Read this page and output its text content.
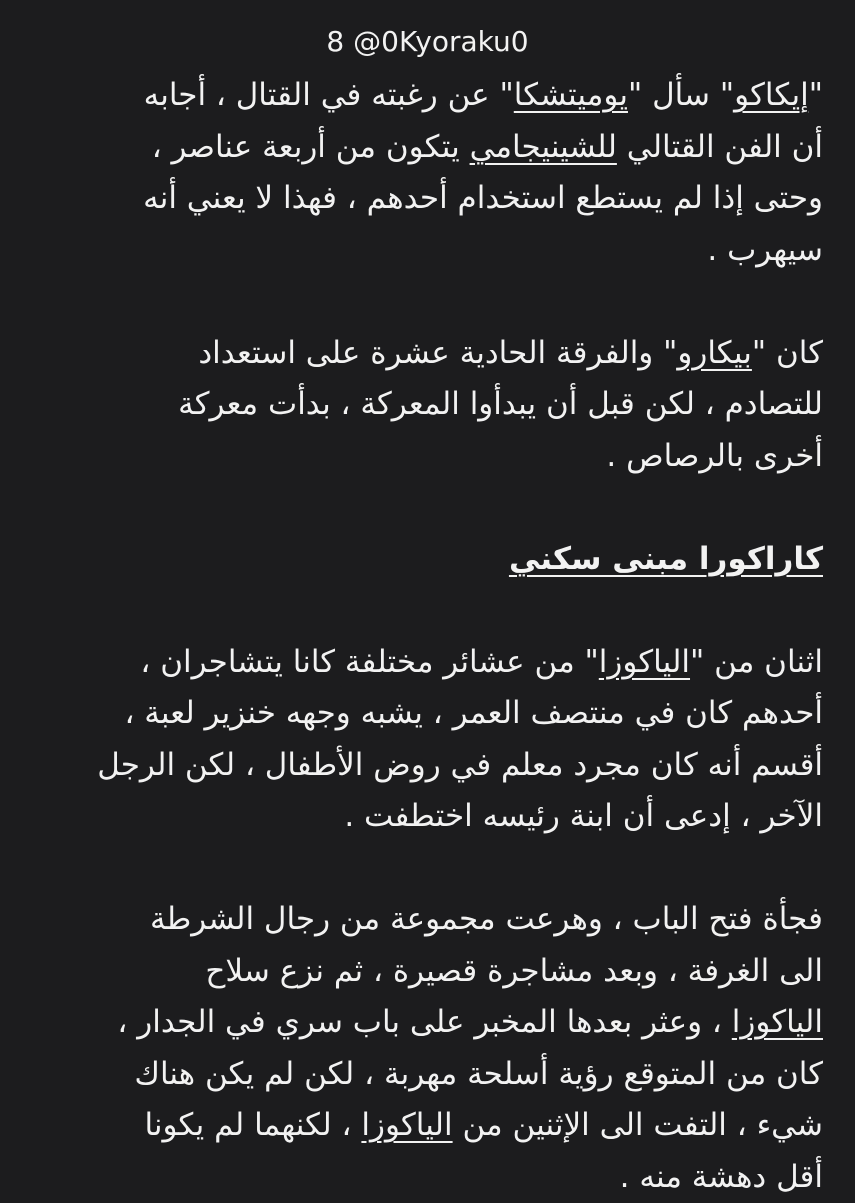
8 @0Kyoraku0
"إيكاكو" سأل "يوميتشكا" عن رغبته في القتال ، أجابه
أن الفن القتالي للشينيجامي يتكون من أربعة عناصر ،
وحتى إذا لم يستطع استخدام أحدهم ، فهذا لا يعني أنه
سيهرب .
كان "بيكارو" والفرقة الحادية عشرة على استعداد
للتصادم ، لكن قبل أن يبدأوا المعركة ، بدأت معركة
أخرى بالرصاص .
كاراكورا مبنى سكني
اثنان من "الياكوزا" من عشائر مختلفة كانا يتشاجران ،
أحدهم كان في منتصف العمر ، يشبه وجهه خنزير لعبة ،
أقسم أنه كان مجرد معلم في روض الأطفال ، لكن الرجل
الآخر ، إدعى أن ابنة رئيسه اختطفت .
فجأة فتح الباب ، وهرعت مجموعة من رجال الشرطة
الى الغرفة ، وبعد مشاجرة قصيرة ، ثم نزع سلاح
الياكوزا ، وعثر بعدها المخبر على باب سري في الجدار ،
كان من المتوقع رؤية أسلحة مهربة ، لكن لم يكن هناك
شيء ، التفت الى الإثنين من الياكوزا ، لكنهما لم يكونا
أقل دهشة منه .
